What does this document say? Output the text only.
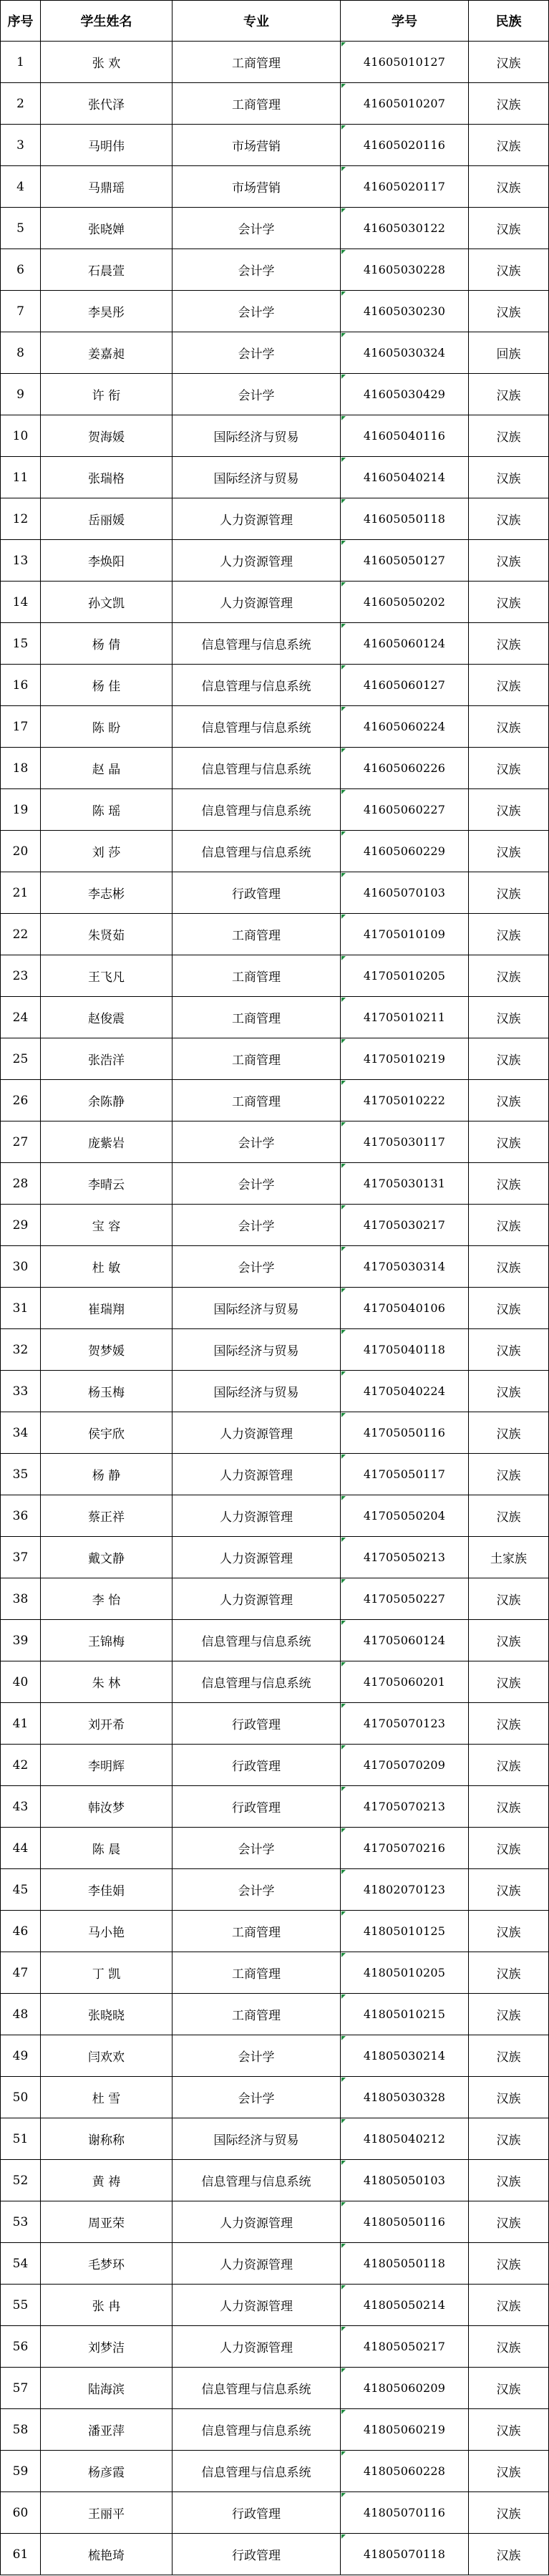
序号	学生姓名	专业	学号	民族
1	张 欢	工商管理	41605010127	汉族
2	张代泽	工商管理	41605010207	汉族
3	马明伟	市场营销	41605020116	汉族
4	马鼎瑶	市场营销	41605020117	汉族
5	张晓婵	会计学	41605030122	汉族
6	石晨萱	会计学	41605030228	汉族
7	李昊彤	会计学	41605030230	汉族
8	姜嘉昶	会计学	41605030324	回族
9	许 衔	会计学	41605030429	汉族
10	贺海媛	国际经济与贸易	41605040116	汉族
11	张瑞格	国际经济与贸易	41605040214	汉族
12	岳丽媛	人力资源管理	41605050118	汉族
13	李焕阳	人力资源管理	41605050127	汉族
14	孙文凯	人力资源管理	41605050202	汉族
15	杨 倩	信息管理与信息系统	41605060124	汉族
16	杨 佳	信息管理与信息系统	41605060127	汉族
17	陈 盼	信息管理与信息系统	41605060224	汉族
18	赵 晶	信息管理与信息系统	41605060226	汉族
19	陈 瑶	信息管理与信息系统	41605060227	汉族
20	刘 莎	信息管理与信息系统	41605060229	汉族
21	李志彬	行政管理	41605070103	汉族
22	朱贤茹	工商管理	41705010109	汉族
23	王飞凡	工商管理	41705010205	汉族
24	赵俊震	工商管理	41705010211	汉族
25	张浩洋	工商管理	41705010219	汉族
26	余陈静	工商管理	41705010222	汉族
27	庞紫岩	会计学	41705030117	汉族
28	李晴云	会计学	41705030131	汉族
29	宝 容	会计学	41705030217	汉族
30	杜 敏	会计学	41705030314	汉族
31	崔瑞翔	国际经济与贸易	41705040106	汉族
32	贺梦媛	国际经济与贸易	41705040118	汉族
33	杨玉梅	国际经济与贸易	41705040224	汉族
34	侯宇欣	人力资源管理	41705050116	汉族
35	杨 静	人力资源管理	41705050117	汉族
36	蔡正祥	人力资源管理	41705050204	汉族
37	戴文静	人力资源管理	41705050213	土家族
38	李 怡	人力资源管理	41705050227	汉族
39	王锦梅	信息管理与信息系统	41705060124	汉族
40	朱 林	信息管理与信息系统	41705060201	汉族
41	刘开希	行政管理	41705070123	汉族
42	李明辉	行政管理	41705070209	汉族
43	韩汝梦	行政管理	41705070213	汉族
44	陈 晨	会计学	41705070216	汉族
45	李佳娟	会计学	41802070123	汉族
46	马小艳	工商管理	41805010125	汉族
47	丁 凯	工商管理	41805010205	汉族
48	张晓晓	工商管理	41805010215	汉族
49	闫欢欢	会计学	41805030214	汉族
50	杜 雪	会计学	41805030328	汉族
51	谢称称	国际经济与贸易	41805040212	汉族
52	黄 祷	信息管理与信息系统	41805050103	汉族
53	周亚荣	人力资源管理	41805050116	汉族
54	毛梦环	人力资源管理	41805050118	汉族
55	张 冉	人力资源管理	41805050214	汉族
56	刘梦洁	人力资源管理	41805050217	汉族
57	陆海滨	信息管理与信息系统	41805060209	汉族
58	潘亚萍	信息管理与信息系统	41805060219	汉族
59	杨彦霞	信息管理与信息系统	41805060228	汉族
60	王丽平	行政管理	41805070116	汉族
61	梳艳琦	行政管理	41805070118	汉族
